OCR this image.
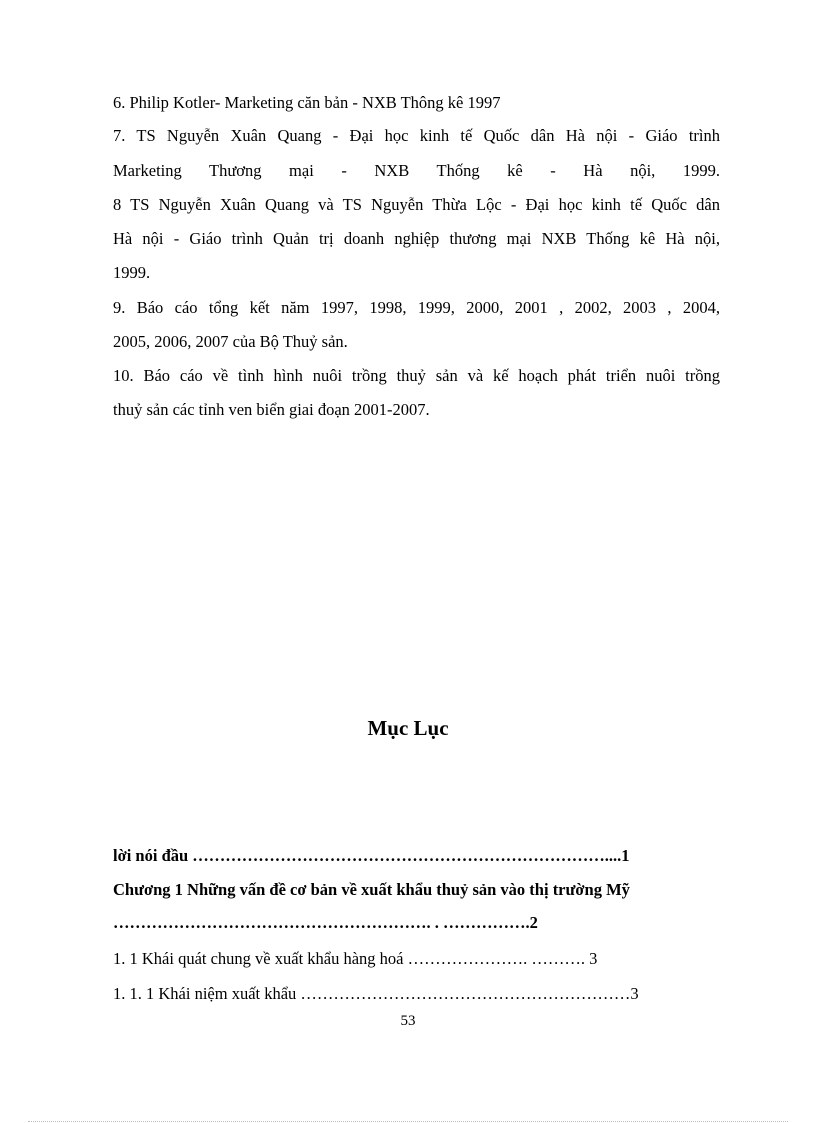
6. Philip Kotler- Marketing căn bản - NXB Thông kê 1997
7. TS Nguyễn Xuân Quang - Đại học kinh tế Quốc dân Hà nội - Giáo trình
Marketing Thương mại - NXB Thống kê - Hà nội, 1999.
8 TS Nguyễn Xuân Quang và TS Nguyễn Thừa Lộc - Đại học kinh tế Quốc dân
Hà nội - Giáo trình Quản trị doanh nghiệp thương mại NXB Thống kê Hà nội,
1999.
9. Báo cáo tổng kết năm 1997, 1998, 1999, 2000, 2001 , 2002, 2003 , 2004,
2005, 2006, 2007 của Bộ Thuỷ sản.
10. Báo cáo về tình hình nuôi trồng thuỷ sản và kế hoạch phát triển nuôi trồng
thuỷ sản các tỉnh ven biển giai đoạn 2001-2007.
Mục Lục
lời nói đầu …………………………………………………………………....1
Chương 1 Những vấn đề cơ bản về xuất khẩu thuỷ sản vào thị trường Mỹ
…………………………………………………. . …………….2
1. 1 Khái quát chung về xuất khẩu hàng hoá …………………. ………. 3
1. 1. 1 Khái niệm xuất khẩu ……………………………………………………3
53
